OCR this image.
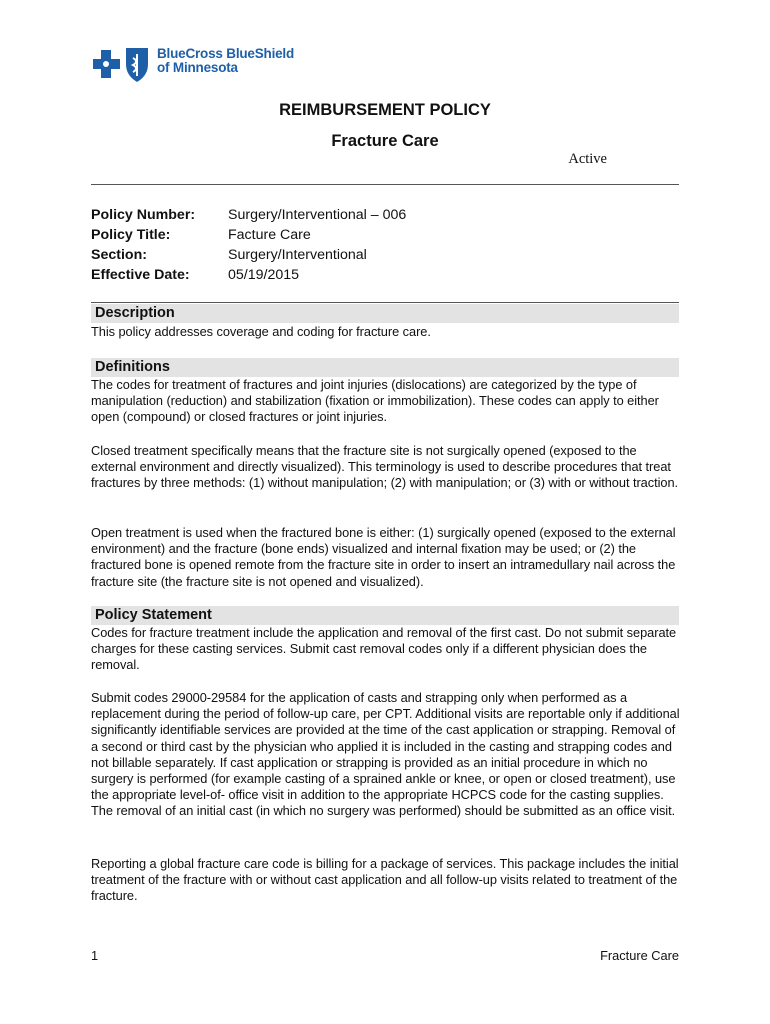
BlueCross BlueShield
of Minnesota
REIMBURSEMENT POLICY
Fracture Care
Active
Policy Number:	Surgery/Interventional – 006
Policy Title:	Facture Care
Section:	Surgery/Interventional
Effective Date:	05/19/2015
Description
This policy addresses coverage and coding for fracture care.
Definitions
The codes for treatment of fractures and joint injuries (dislocations) are categorized by the type of manipulation (reduction) and stabilization (fixation or immobilization). These codes can apply to either open (compound) or closed fractures or joint injuries.
Closed treatment specifically means that the fracture site is not surgically opened (exposed to the external environment and directly visualized). This terminology is used to describe procedures that treat fractures by three methods: (1) without manipulation; (2) with manipulation; or (3) with or without traction.
Open treatment is used when the fractured bone is either: (1) surgically opened (exposed to the external environment) and the fracture (bone ends) visualized and internal fixation may be used; or (2) the fractured bone is opened remote from the fracture site in order to insert an intramedullary nail across the fracture site (the fracture site is not opened and visualized).
Policy Statement
Codes for fracture treatment include the application and removal of the first cast. Do not submit separate charges for these casting services. Submit cast removal codes only if a different physician does the removal.
Submit codes 29000-29584 for the application of casts and strapping only when performed as a replacement during the period of follow-up care, per CPT. Additional visits are reportable only if additional significantly identifiable services are provided at the time of the cast application or strapping. Removal of a second or third cast by the physician who applied it is included in the casting and strapping codes and not billable separately. If cast application or strapping is provided as an initial procedure in which no surgery is performed (for example casting of a sprained ankle or knee, or open or closed treatment), use the appropriate level-of- office visit in addition to the appropriate HCPCS code for the casting supplies. The removal of an initial cast (in which no surgery was performed) should be submitted as an office visit.
Reporting a global fracture care code is billing for a package of services. This package includes the initial treatment of the fracture with or without cast application and all follow-up visits related to treatment of the fracture.
1	Fracture Care
